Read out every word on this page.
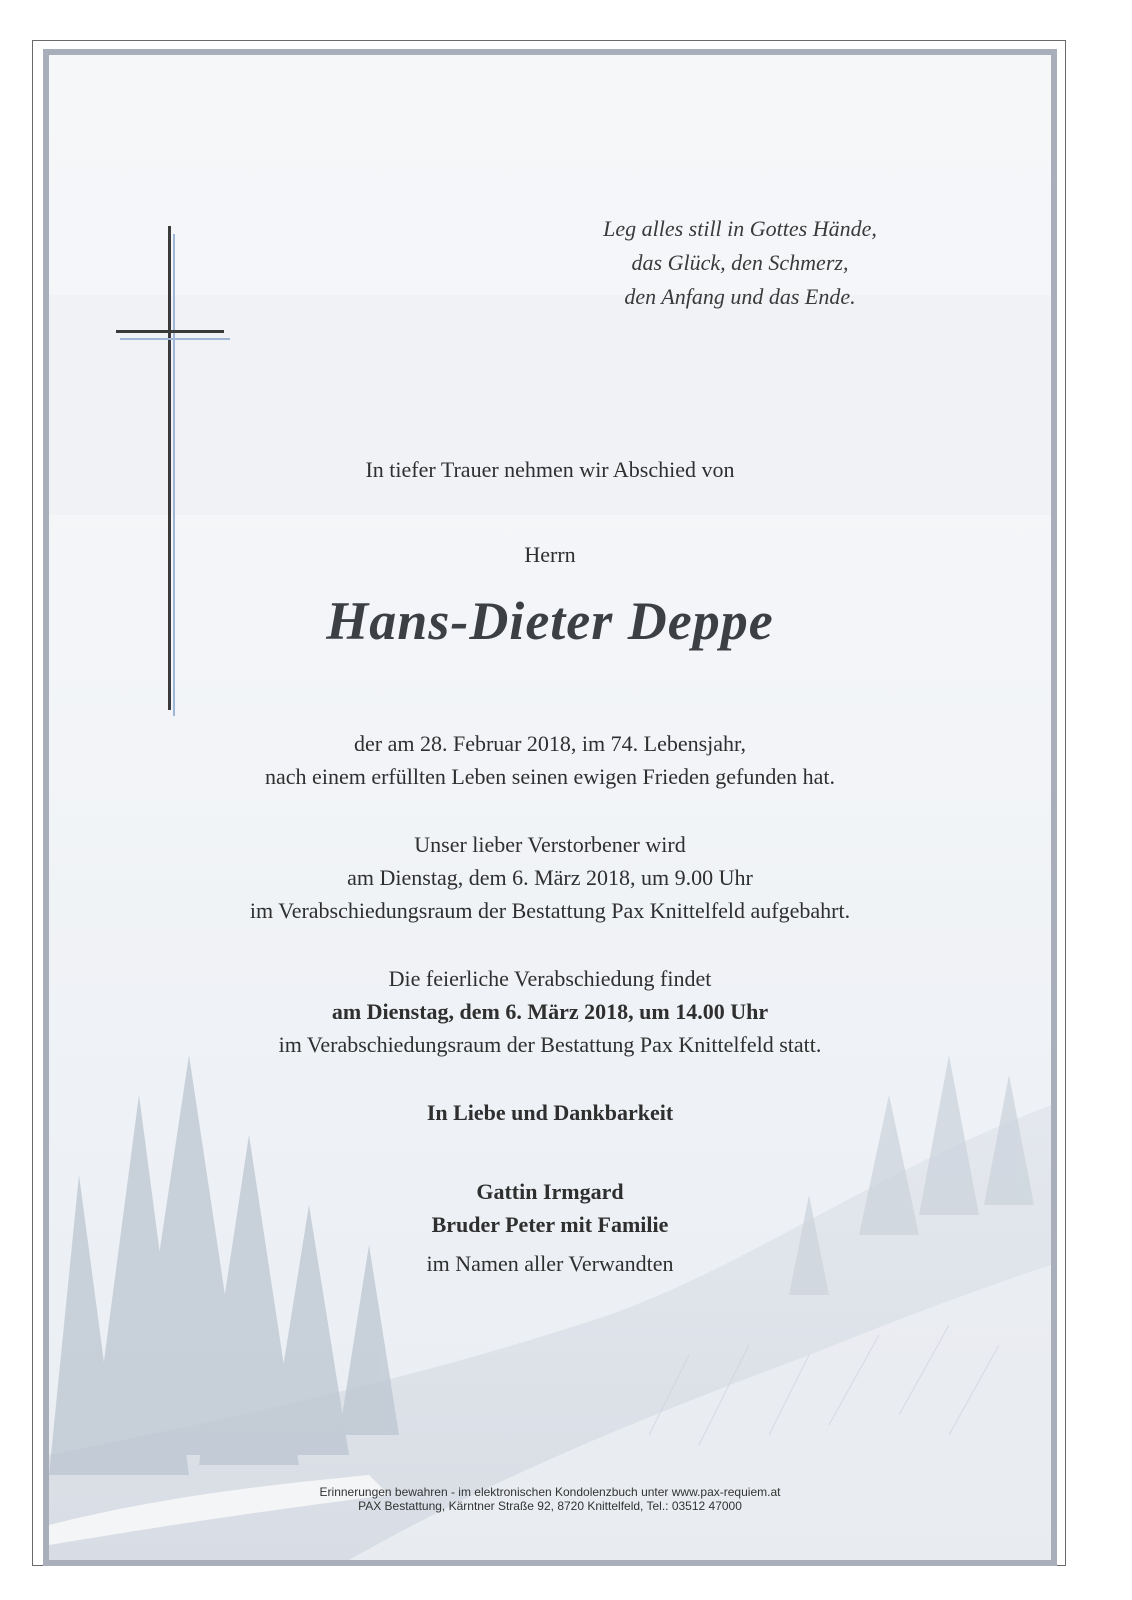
Leg alles still in Gottes Hände,
das Glück, den Schmerz,
den Anfang und das Ende.
In tiefer Trauer nehmen wir Abschied von
Herrn
Hans-Dieter Deppe
der am 28. Februar 2018, im 74. Lebensjahr,
nach einem erfüllten Leben seinen ewigen Frieden gefunden hat.
Unser lieber Verstorbener wird
am Dienstag, dem 6. März 2018, um 9.00 Uhr
im Verabschiedungsraum der Bestattung Pax Knittelfeld aufgebahrt.
Die feierliche Verabschiedung findet
am Dienstag, dem 6. März 2018, um 14.00 Uhr
im Verabschiedungsraum der Bestattung Pax Knittelfeld statt.
In Liebe und Dankbarkeit
Gattin Irmgard
Bruder Peter mit Familie
im Namen aller Verwandten
Erinnerungen bewahren - im elektronischen Kondolenzbuch unter www.pax-requiem.at
PAX Bestattung, Kärntner Straße 92, 8720 Knittelfeld, Tel.: 03512 47000
